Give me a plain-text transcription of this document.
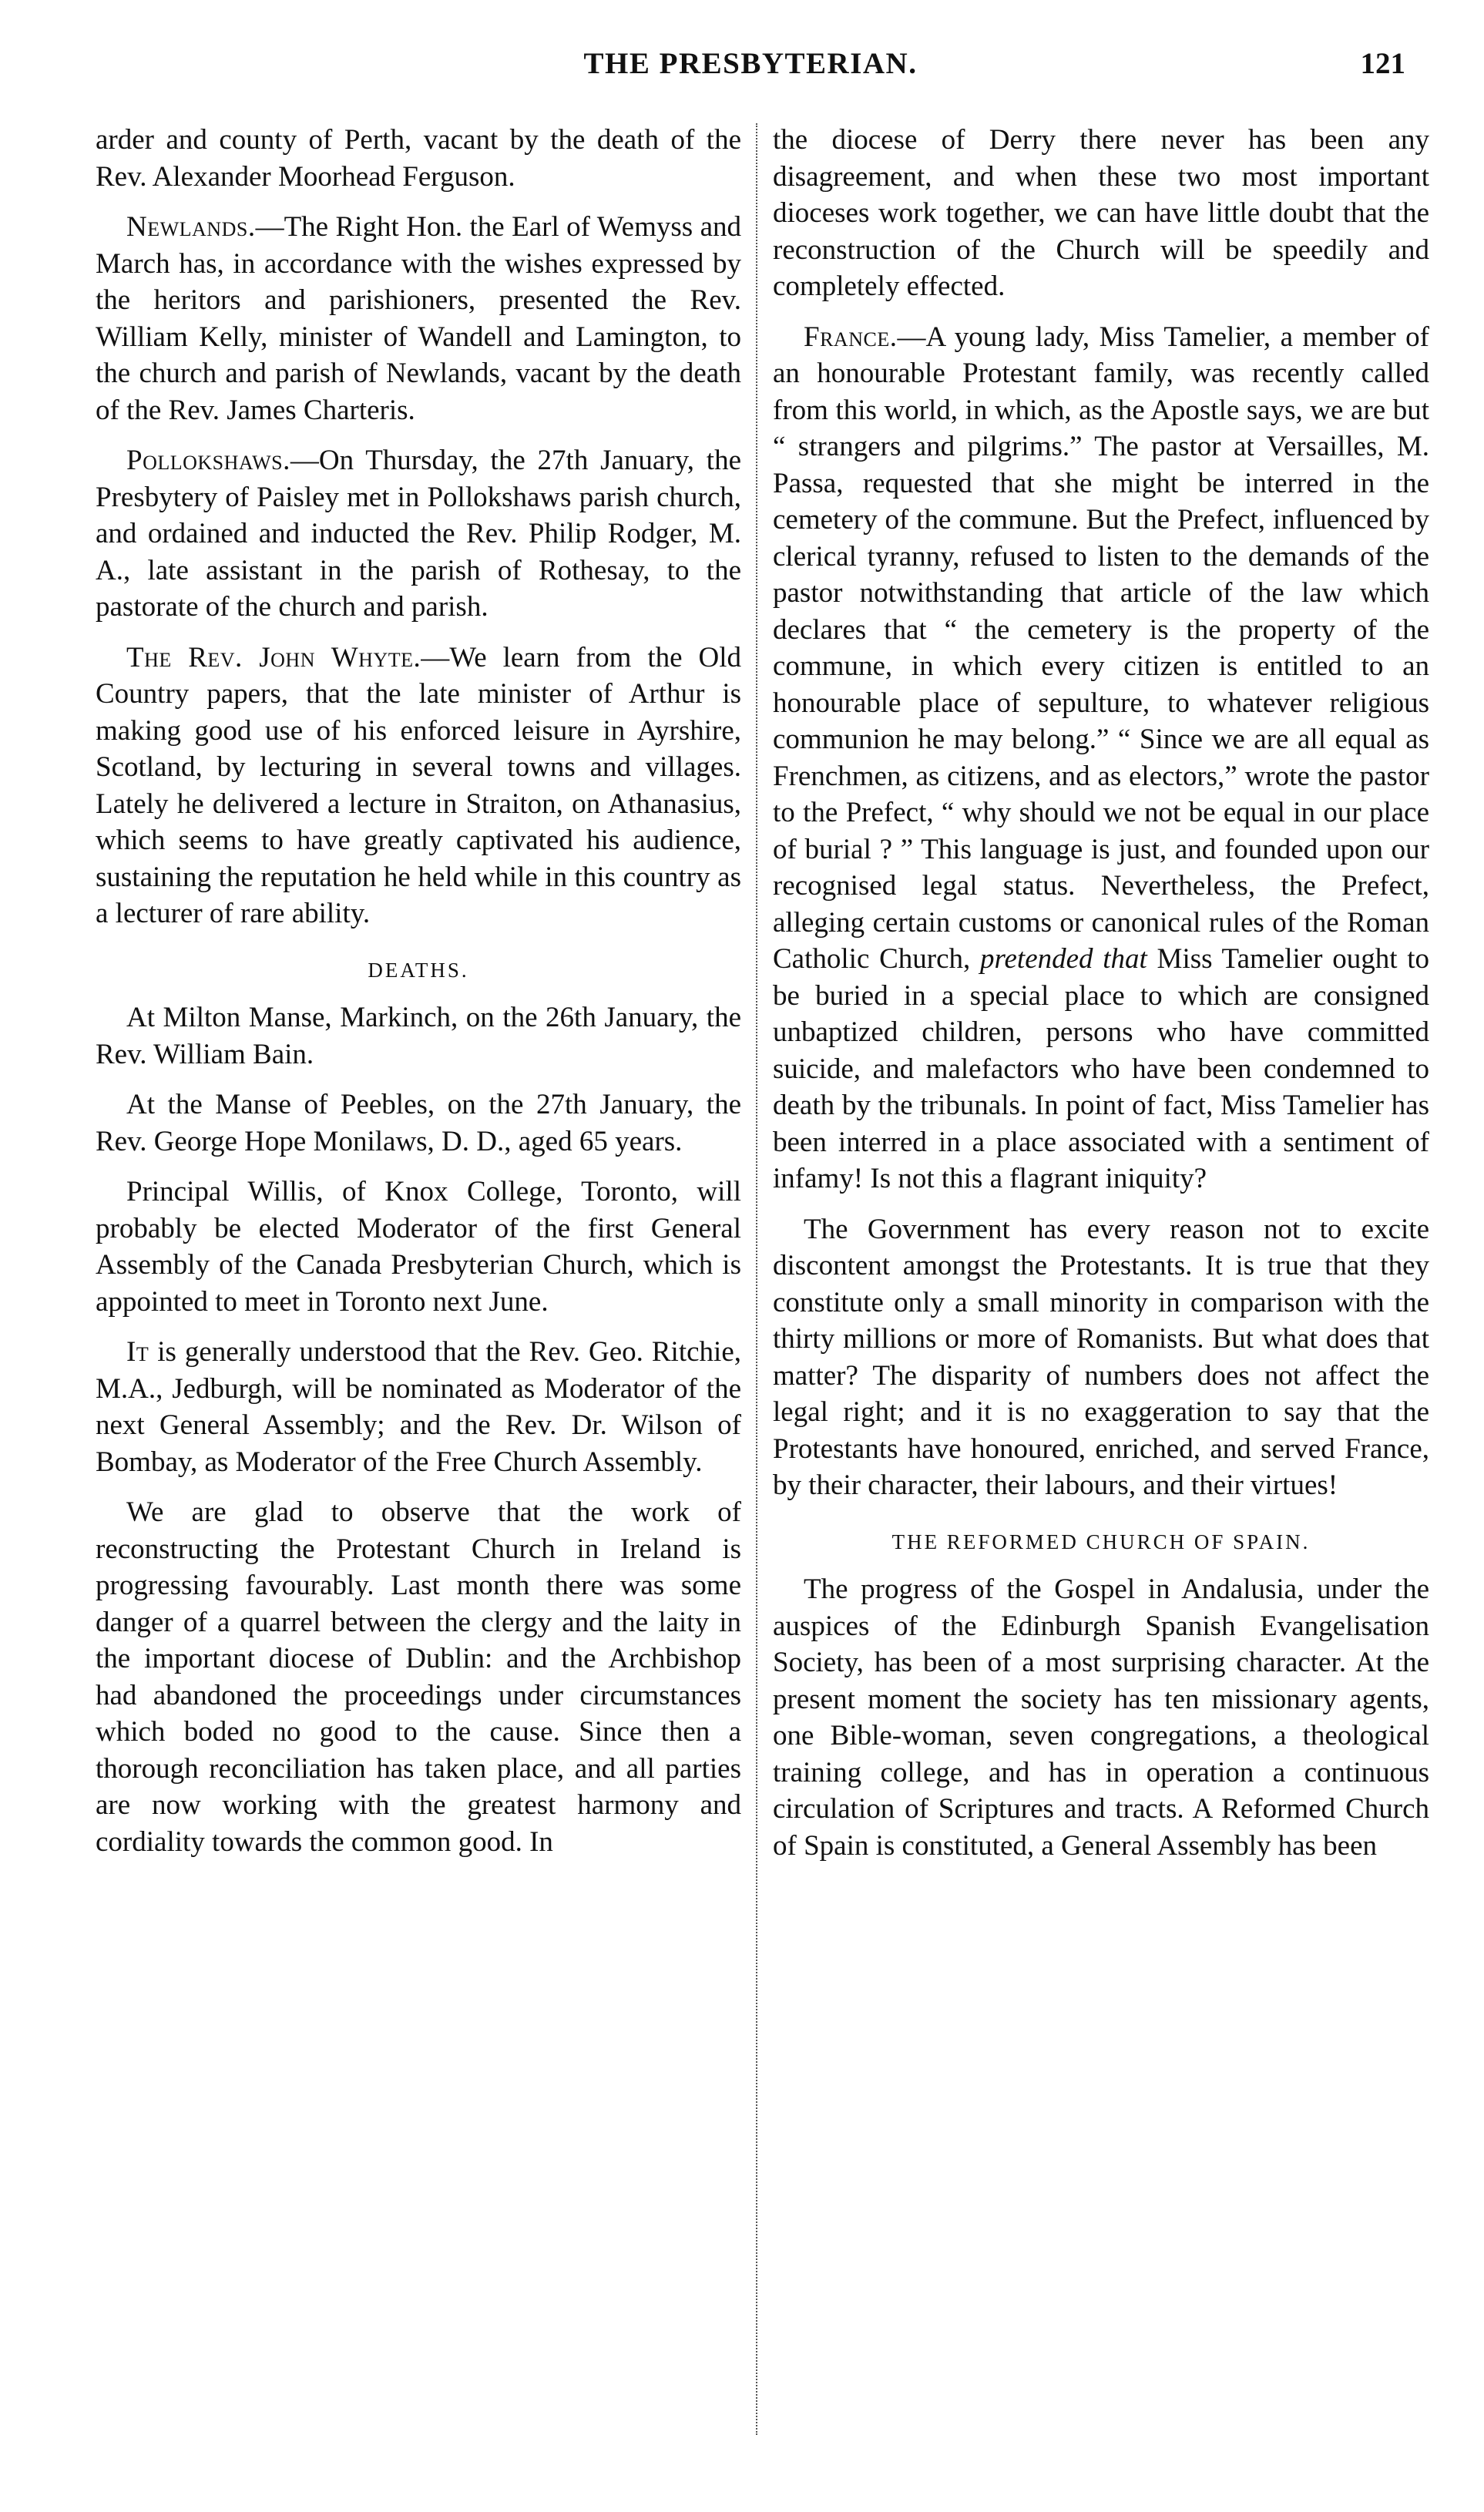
THE PRESBYTERIAN.	121

arder and county of Perth, vacant by the death of the Rev. Alexander Moorhead Ferguson.

Newlands.—The Right Hon. the Earl of Wemyss and March has, in accordance with the wishes expressed by the heritors and parishioners, presented the Rev. William Kelly, minister of Wandell and Lamington, to the church and parish of Newlands, vacant by the death of the Rev. James Charteris.

Pollokshaws.—On Thursday, the 27th January, the Presbytery of Paisley met in Pollokshaws parish church, and ordained and inducted the Rev. Philip Rodger, M. A., late assistant in the parish of Rothesay, to the pastorate of the church and parish.

The Rev. John Whyte.—We learn from the Old Country papers, that the late minister of Arthur is making good use of his enforced leisure in Ayrshire, Scotland, by lecturing in several towns and villages. Lately he delivered a lecture in Straiton, on Athanasius, which seems to have greatly captivated his audience, sustaining the reputation he held while in this country as a lecturer of rare ability.

DEATHS.

At Milton Manse, Markinch, on the 26th January, the Rev. William Bain.

At the Manse of Peebles, on the 27th January, the Rev. George Hope Monilaws, D. D., aged 65 years.

Principal Willis, of Knox College, Toronto, will probably be elected Moderator of the first General Assembly of the Canada Presbyterian Church, which is appointed to meet in Toronto next June.

It is generally understood that the Rev. Geo. Ritchie, M.A., Jedburgh, will be nominated as Moderator of the next General Assembly; and the Rev. Dr. Wilson of Bombay, as Moderator of the Free Church Assembly.

We are glad to observe that the work of reconstructing the Protestant Church in Ireland is progressing favourably. Last month there was some danger of a quarrel between the clergy and the laity in the important diocese of Dublin: and the Archbishop had abandoned the proceedings under circumstances which boded no good to the cause. Since then a thorough reconciliation has taken place, and all parties are now working with the greatest harmony and cordiality towards the common good. In

the diocese of Derry there never has been any disagreement, and when these two most important dioceses work together, we can have little doubt that the reconstruction of the Church will be speedily and completely effected.

France.—A young lady, Miss Tamelier, a member of an honourable Protestant family, was recently called from this world, in which, as the Apostle says, we are but “ strangers and pilgrims.” The pastor at Versailles, M. Passa, requested that she might be interred in the cemetery of the commune. But the Prefect, influenced by clerical tyranny, refused to listen to the demands of the pastor notwithstanding that article of the law which declares that “ the cemetery is the property of the commune, in which every citizen is entitled to an honourable place of sepulture, to whatever religious communion he may belong.” “ Since we are all equal as Frenchmen, as citizens, and as electors,” wrote the pastor to the Prefect, “ why should we not be equal in our place of burial ? ” This language is just, and founded upon our recognised legal status. Nevertheless, the Prefect, alleging certain customs or canonical rules of the Roman Catholic Church, pretended that Miss Tamelier ought to be buried in a special place to which are consigned unbaptized children, persons who have committed suicide, and malefactors who have been condemned to death by the tribunals. In point of fact, Miss Tamelier has been interred in a place associated with a sentiment of infamy! Is not this a flagrant iniquity?

The Government has every reason not to excite discontent amongst the Protestants. It is true that they constitute only a small minority in comparison with the thirty millions or more of Romanists. But what does that matter? The disparity of numbers does not affect the legal right; and it is no exaggeration to say that the Protestants have honoured, enriched, and served France, by their character, their labours, and their virtues!

THE REFORMED CHURCH OF SPAIN.

The progress of the Gospel in Andalusia, under the auspices of the Edinburgh Spanish Evangelisation Society, has been of a most surprising character. At the present moment the society has ten missionary agents, one Bible-woman, seven congregations, a theological training college, and has in operation a continuous circulation of Scriptures and tracts. A Reformed Church of Spain is constituted, a General Assembly has been
